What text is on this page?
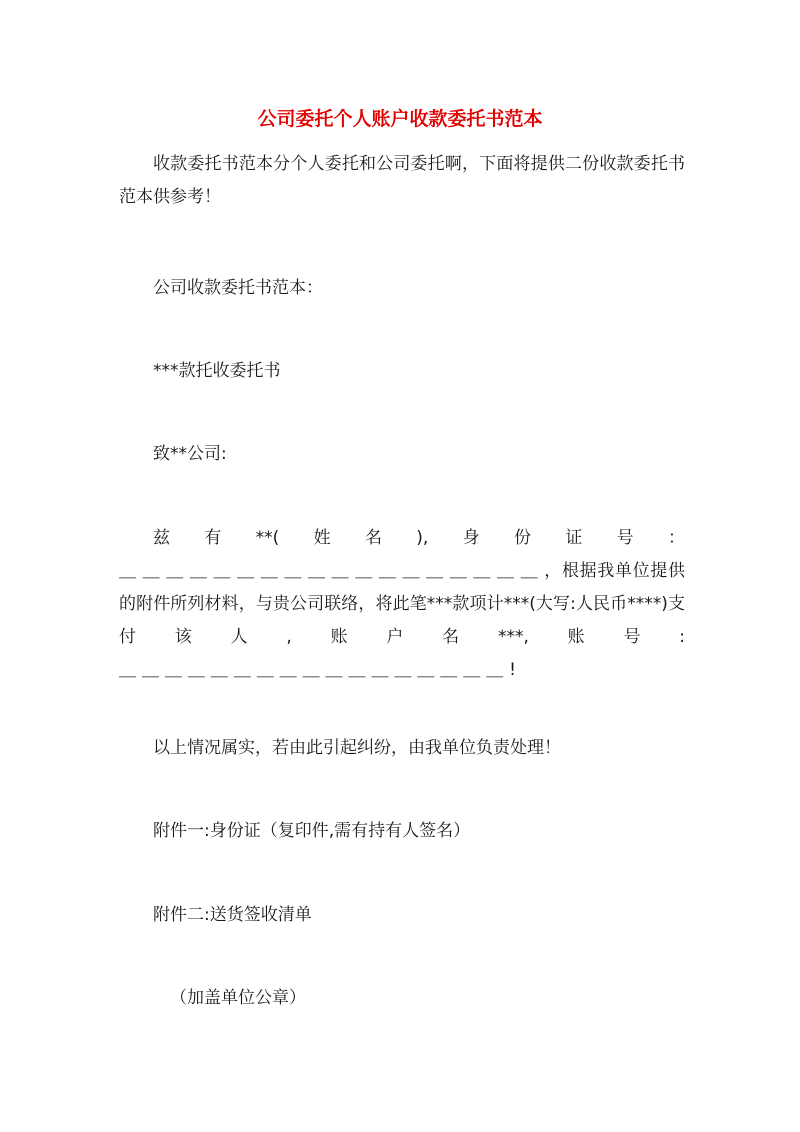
公司委托个人账户收款委托书范本

收款委托书范本分个人委托和公司委托啊，下面将提供二份收款委托书范本供参考！

公司收款委托书范本：

***款托收委托书

致**公司:

兹有**(姓名),身份证号：＿＿＿＿＿＿＿＿＿＿＿＿＿＿＿＿＿＿，根据我单位提供的附件所列材料，与贵公司联络，将此笔***款项计***(大写:人民币****)支付该人,账户名***,账号:＿＿＿＿＿＿＿＿＿＿＿＿＿＿＿＿＿!

以上情况属实，若由此引起纠纷，由我单位负责处理！

附件一:身份证（复印件,需有持有人签名）

附件二:送货签收清单

（加盖单位公章）
